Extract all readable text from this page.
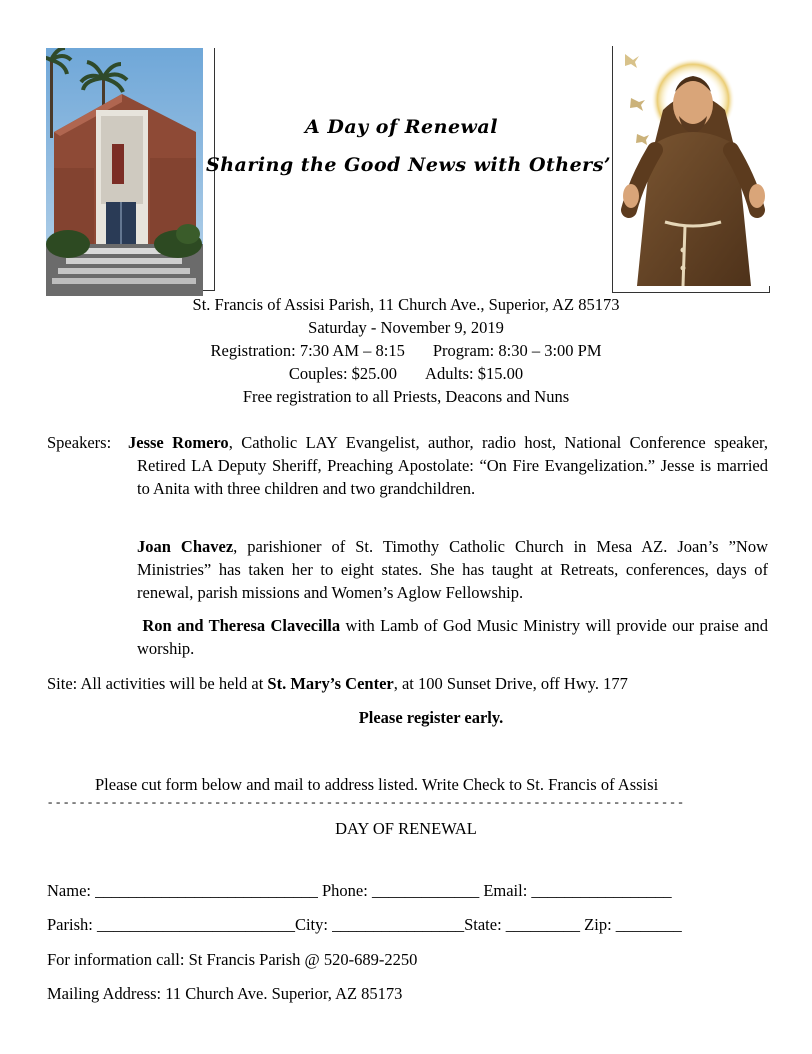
A Day of Renewal
Sharing the Good News with Others’
St. Francis of Assisi Parish, 11 Church Ave., Superior, AZ 85173
Saturday - November 9, 2019
Registration: 7:30 AM – 8:15 Program: 8:30 – 3:00 PM
Couples: $25.00 Adults: $15.00
Free registration to all Priests, Deacons and Nuns
Speakers:	Jesse Romero, Catholic LAY Evangelist, author, radio host, National Conference speaker, Retired LA Deputy Sheriff, Preaching Apostolate: “On Fire Evangelization.” Jesse is married to Anita with three children and two grandchildren.
Joan Chavez, parishioner of St. Timothy Catholic Church in Mesa AZ. Joan’s ”Now Ministries” has taken her to eight states. She has taught at Retreats, conferences, days of renewal, parish missions and Women’s Aglow Fellowship.
Ron and Theresa Clavecilla with Lamb of God Music Ministry will provide our praise and worship.
Site: All activities will be held at St. Mary’s Center, at 100 Sunset Drive, off Hwy. 177
Please register early.
Please cut form below and mail to address listed. Write Check to St. Francis of Assisi
- - - - - - - - - - - - - - - - - - - - - - - - - - - - - - - - - - - - - - - - - - - - - - - - - - - - - - - - - - - - - - - - - - - - - - - - - - - - - - - -
DAY OF RENEWAL
Name: ___________________________ Phone: _____________ Email: _________________
Parish: ________________________City: ________________State: _________ Zip: ________
For information call: St Francis Parish @ 520-689-2250
Mailing Address: 11 Church Ave. Superior, AZ 85173
